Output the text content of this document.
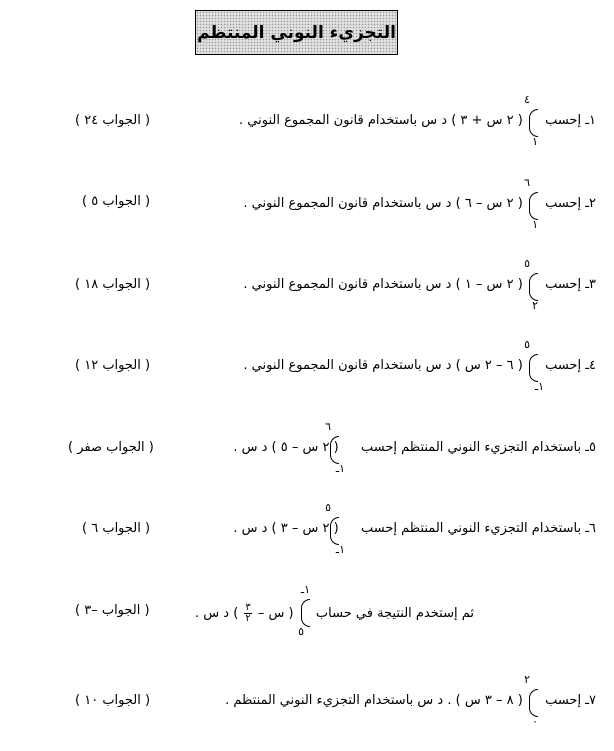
التجزيء النوني المنتظم
١ـ إحسب  ( ٢ س + ٣ ) د س باستخدام قانون المجموع النوني .
٤
١
( الجواب ٢٤ )
٢ـ إحسب  ( ٢ س – ٦ ) د س باستخدام قانون المجموع النوني .
٦
١
( الجواب ٥ )
٣ـ إحسب  ( ٢ س – ١ ) د س باستخدام قانون المجموع النوني .
٥
٢
( الجواب ١٨ )
٤ـ إحسب  ( ٦ – ٢ س ) د س باستخدام قانون المجموع النوني .
٥
١ـ
( الجواب ١٢ )
٥ـ باستخدام التجزيء النوني المنتظم إحسب  ( ٢ س – ٥ ) د س .
٦
١ـ
( الجواب صفر )
٦ـ باستخدام التجزيء النوني المنتظم إحسب  ( ٢ س – ٣ ) د س .
٥
١ـ
( الجواب ٦ )
ثم إستخدم النتيجة في حساب  ( س –
$\frac{٣}{٢}$
) د س .
١ـ
٥
( الجواب –٣ )
٧ـ إحسب  ( ٨ – ٣ س ) . د س باستخدام التجزيء النوني المنتظم .
٢
٠
( الجواب ١٠ )
